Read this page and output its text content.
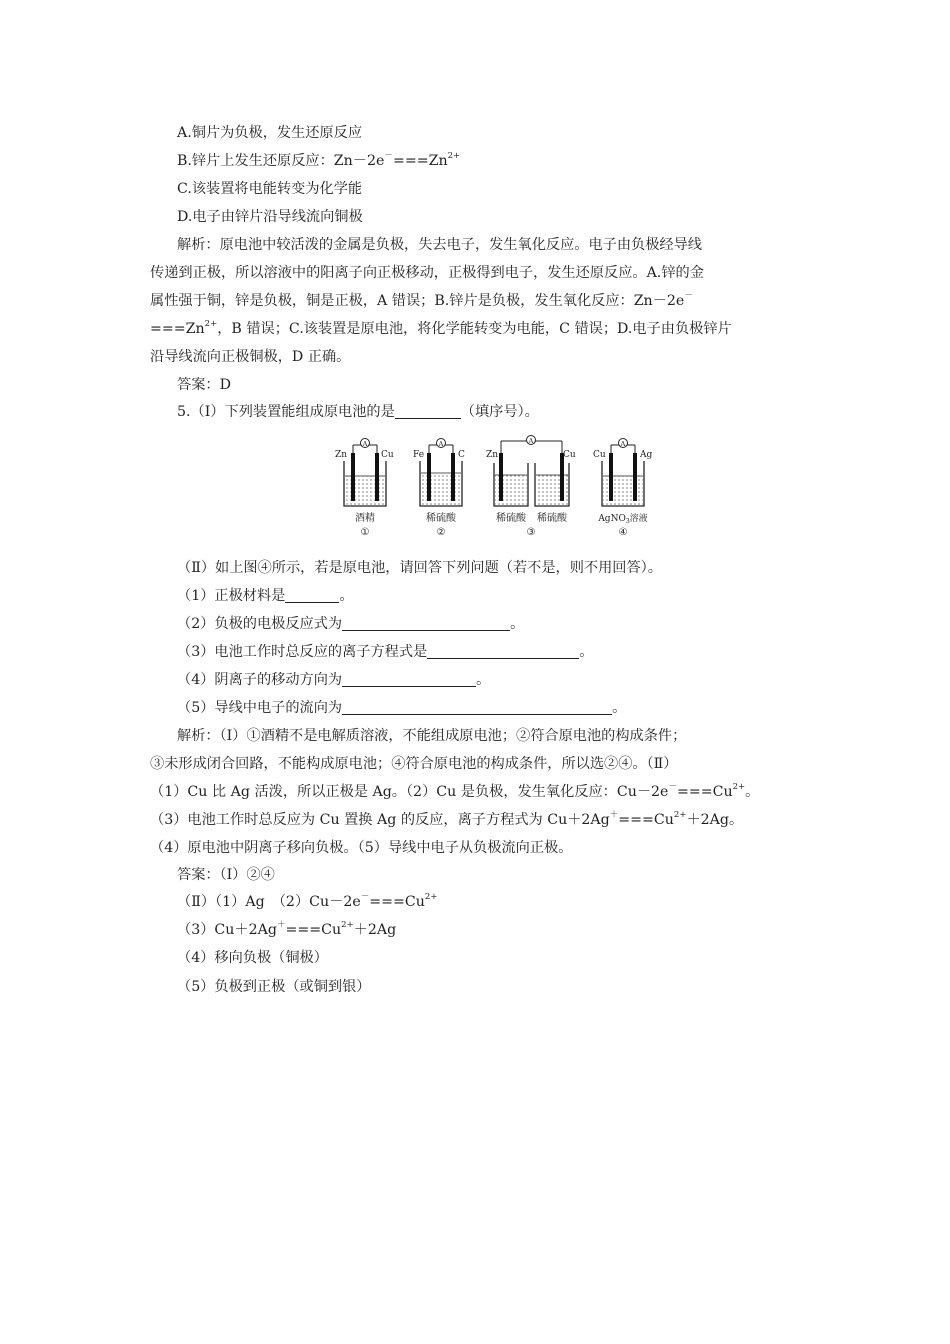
A.铜片为负极，发生还原反应
B.锌片上发生还原反应：$Zn-2e^-===Zn^{2+}$
C.该装置将电能转变为化学能
D.电子由锌片沿导线流向铜极
解析：原电池中较活泼的金属是负极，失去电子，发生氧化反应。电子由负极经导线
传递到正极，所以溶液中的阳离子向正极移动，正极得到电子，发生还原反应。A.锌的金
属性强于铜，锌是负极，铜是正极，A 错误；B.锌片是负极，发生氧化反应：Zn－2e－
$===Zn^{2+}$，B 错误；C.该装置是原电池，将化学能转变为电能，C 错误；D.电子由负极锌片
沿导线流向正极铜极，D 正确。
答案：D
5.（Ⅰ）下列装置能组成原电池的是	（填序号）。
A
Zn	Cu
酒精
①
A
Fe	C
稀硫酸
②
A
Zn	Cu
稀硫酸 稀硫酸
③
A
Cu	Ag
AgNO$_3$溶液
④
（Ⅱ）如上图④所示，若是原电池，请回答下列问题（若不是，则不用回答）。
（1）正极材料是	。
（2）负极的电极反应式为	。
（3）电池工作时总反应的离子方程式是	。
（4）阴离子的移动方向为	。
（5）导线中电子的流向为	。
解析：（Ⅰ）①酒精不是电解质溶液，不能组成原电池；②符合原电池的构成条件；
③未形成闭合回路，不能构成原电池；④符合原电池的构成条件，所以选②④。（Ⅱ）
（1）Cu 比 Ag 活泼，所以正极是 Ag。（2）Cu 是负极，发生氧化反应：$Cu-2e^-===Cu^{2+}$。
（3）电池工作时总反应为 Cu 置换 Ag 的反应，离子方程式为 $Cu+2Ag^+===Cu^{2+}+2Ag$。
（4）原电池中阴离子移向负极。（5）导线中电子从负极流向正极。
答案：（Ⅰ）②④
（Ⅱ）（1）Ag　$(2)Cu-2e^-===Cu^{2+}$
$(3)Cu+2Ag^+===Cu^{2+}+2Ag$
（4）移向负极（铜极）
（5）负极到正极（或铜到银）
